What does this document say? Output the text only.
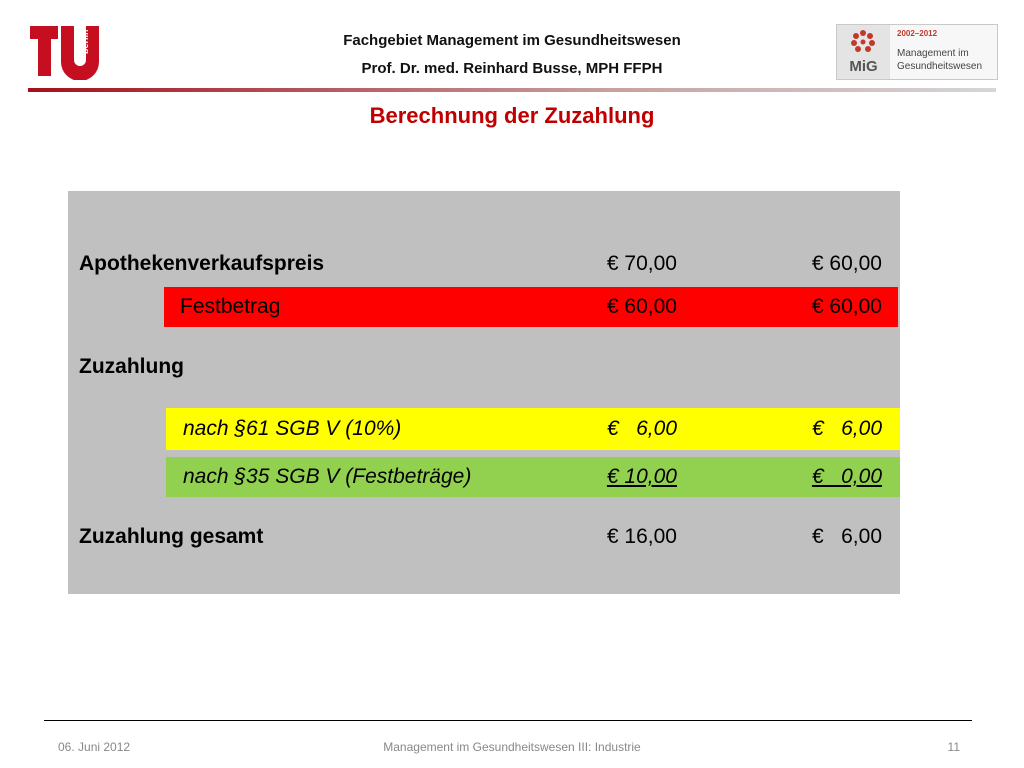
berlin	Fachgebiet Management im Gesundheitswesen
Prof. Dr. med. Reinhard Busse, MPH FFPH	MiG
2002–2012
Management im Gesundheitswesen
Berechnung der Zuzahlung
Apothekenverkaufspreis	€ 70,00	€ 60,00
Festbetrag	€ 60,00	€ 60,00
Zuzahlung
nach §61 SGB V (10%)	€   6,00	€   6,00
nach §35 SGB V (Festbeträge)	€ 10,00	€   0,00
Zuzahlung gesamt	€ 16,00	€   6,00
06. Juni 2012	Management im Gesundheitswesen III: Industrie	11
